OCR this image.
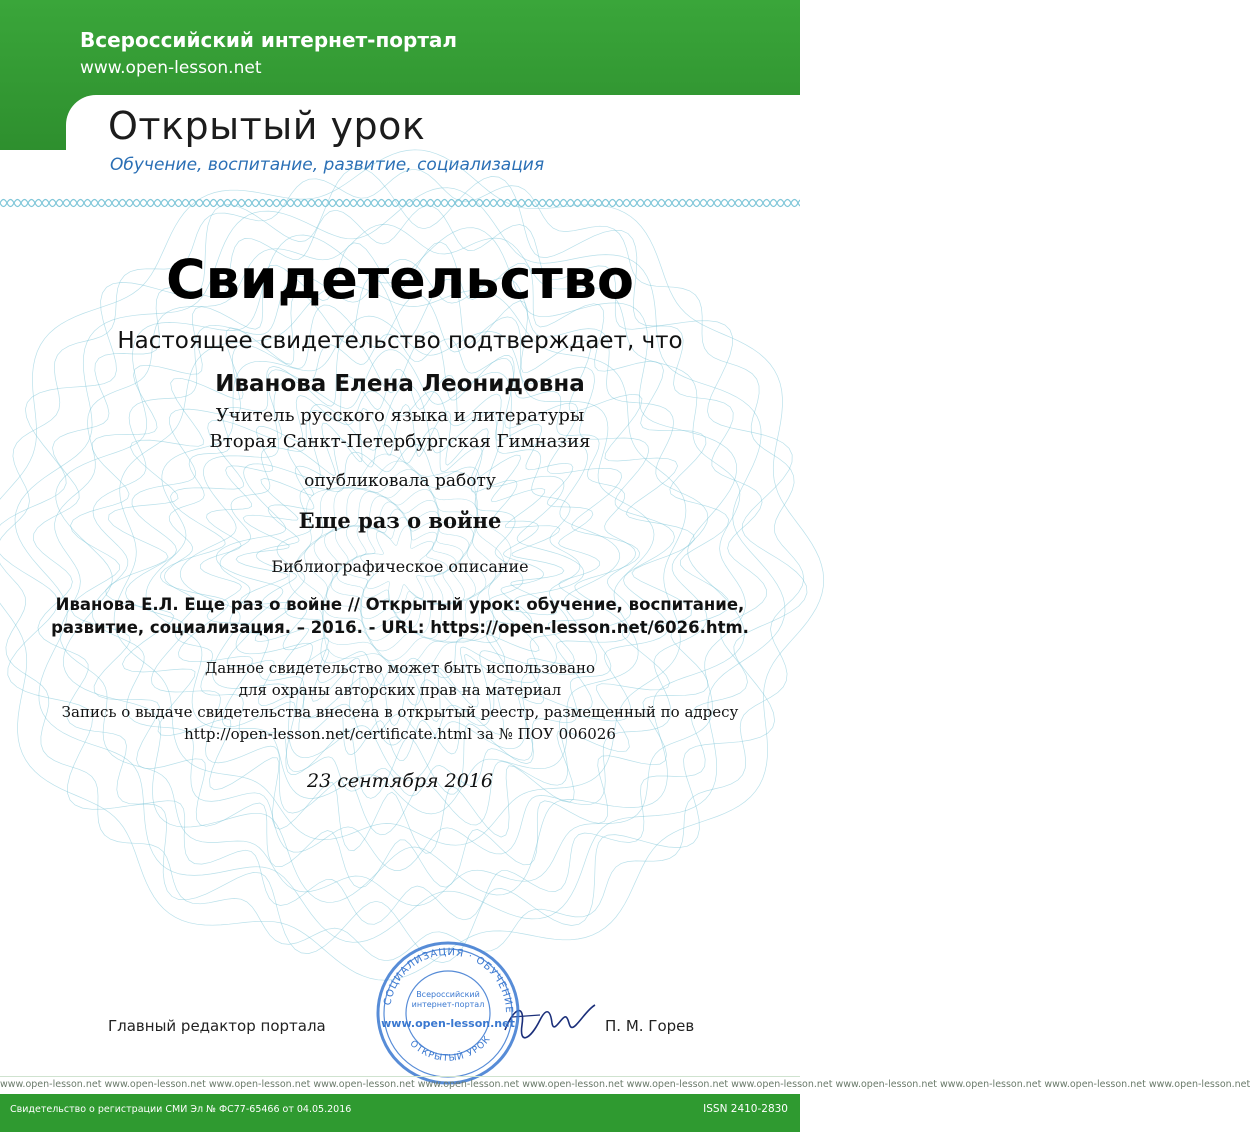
Всероссийский интернет-портал
www.open-lesson.net
Открытый урок
Обучение, воспитание, развитие, социализация
Свидетельство
Настоящее свидетельство подтверждает, что
Иванова Елена Леонидовна
Учитель русского языка и литературы
Вторая Санкт-Петербургская Гимназия
опубликовала работу
Еще раз о войне
Библиографическое описание
Иванова Е.Л. Еще раз о войне // Открытый урок: обучение, воспитание,
развитие, социализация. – 2016. - URL: https://open-lesson.net/6026.htm.
Данное свидетельство может быть использовано
для охраны авторских прав на материал
Запись о выдаче свидетельства внесена в открытый реестр, размещенный по адресу
http://open-lesson.net/certificate.html за № ПОУ 006026
23 сентября 2016
Главный редактор портала	П. М. Горев
СОЦИАЛИЗАЦИЯ · ОБУЧЕНИЕ
ОТКРЫТЫЙ УРОК
Всероссийский
интернет-портал
www.open-lesson.net
www.open-lesson.net www.open-lesson.net www.open-lesson.net www.open-lesson.net www.open-lesson.net www.open-lesson.net www.open-lesson.net www.open-lesson.net www.open-lesson.net www.open-lesson.net www.open-lesson.net www.open-lesson.net
Свидетельство о регистрации СМИ Эл № ФС77-65466 от 04.05.2016	ISSN 2410-2830
